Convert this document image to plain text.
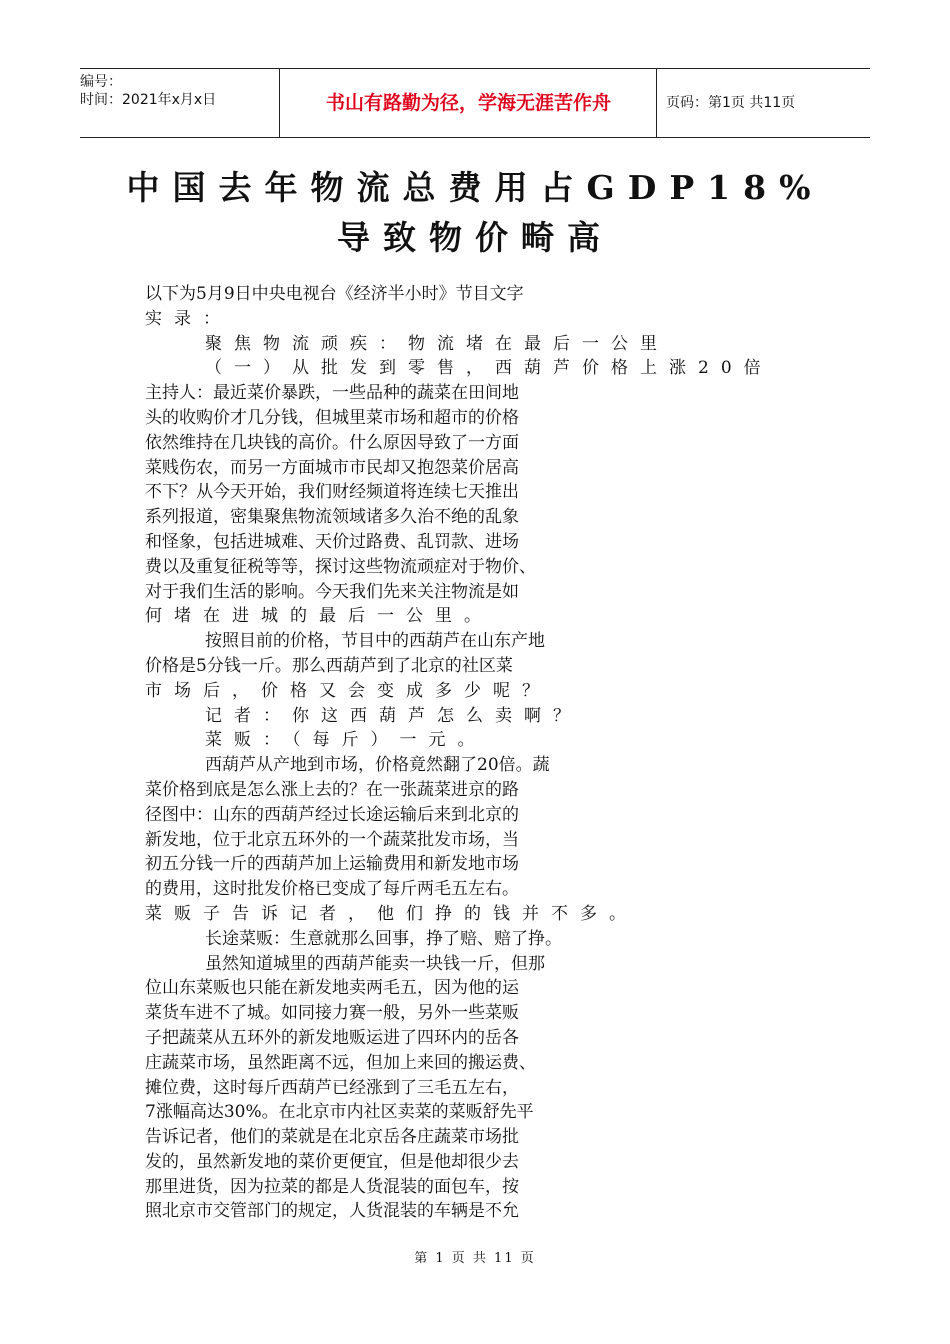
编号：
时间：2021年x月x日	书山有路勤为径，学海无涯苦作舟	页码：第1页 共11页
中国去年物流总费用占GDP18%
导致物价畸高
以下为5月9日中央电视台《经济半小时》节目文字
实录：
聚焦物流顽疾：物流堵在最后一公里
（一）从批发到零售，西葫芦价格上涨20倍
主持人：最近菜价暴跌，一些品种的蔬菜在田间地
头的收购价才几分钱，但城里菜市场和超市的价格
依然维持在几块钱的高价。什么原因导致了一方面
菜贱伤农，而另一方面城市市民却又抱怨菜价居高
不下？从今天开始，我们财经频道将连续七天推出
系列报道，密集聚焦物流领域诸多久治不绝的乱象
和怪象，包括进城难、天价过路费、乱罚款、进场
费以及重复征税等等，探讨这些物流顽症对于物价、
对于我们生活的影响。今天我们先来关注物流是如
何堵在进城的最后一公里。
按照目前的价格，节目中的西葫芦在山东产地
价格是5分钱一斤。那么西葫芦到了北京的社区菜
市场后，价格又会变成多少呢？
记者：你这西葫芦怎么卖啊？
菜贩：（每斤）一元。
西葫芦从产地到市场，价格竟然翻了20倍。蔬
菜价格到底是怎么涨上去的？在一张蔬菜进京的路
径图中：山东的西葫芦经过长途运输后来到北京的
新发地，位于北京五环外的一个蔬菜批发市场，当
初五分钱一斤的西葫芦加上运输费用和新发地市场
的费用，这时批发价格已变成了每斤两毛五左右。
菜贩子告诉记者，他们挣的钱并不多。
长途菜贩：生意就那么回事，挣了赔、赔了挣。
虽然知道城里的西葫芦能卖一块钱一斤，但那
位山东菜贩也只能在新发地卖两毛五，因为他的运
菜货车进不了城。如同接力赛一般，另外一些菜贩
子把蔬菜从五环外的新发地贩运进了四环内的岳各
庄蔬菜市场，虽然距离不远，但加上来回的搬运费、
摊位费，这时每斤西葫芦已经涨到了三毛五左右，
7涨幅高达30%。在北京市内社区卖菜的菜贩舒先平
告诉记者，他们的菜就是在北京岳各庄蔬菜市场批
发的，虽然新发地的菜价更便宜，但是他却很少去
那里进货，因为拉菜的都是人货混装的面包车，按
照北京市交管部门的规定，人货混装的车辆是不允
第 1 页 共 11 页
